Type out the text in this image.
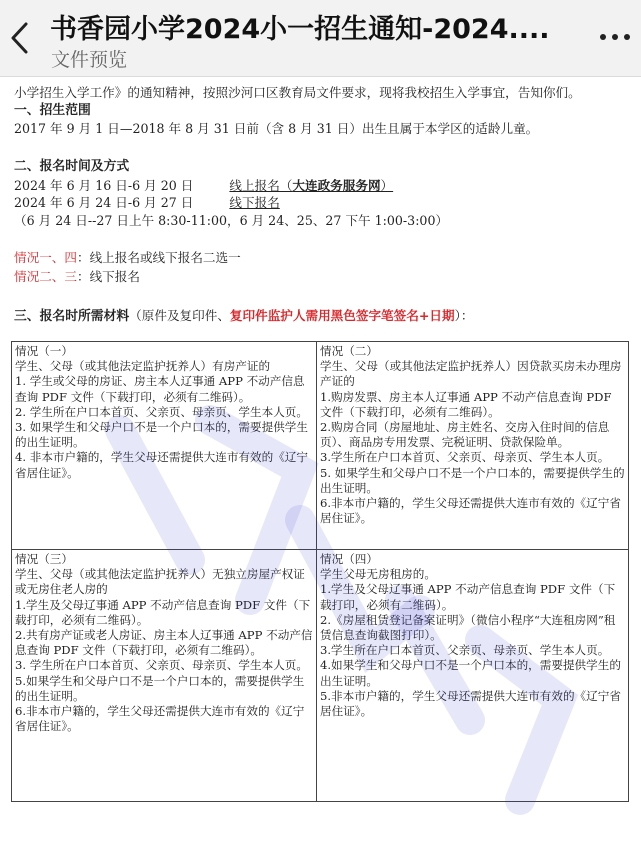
书香园小学2024小一招生通知-2024....
文件预览
小学招生入学工作》的通知精神，按照沙河口区教育局文件要求，现将我校招生入学事宜，告知你们。
一、招生范围
2017 年 9 月 1 日—2018 年 8 月 31 日前（含 8 月 31 日）出生且属于本学区的适龄儿童。
二、报名时间及方式
2024 年 6 月 16 日-6 月 20 日	线上报名（大连政务服务网）
2024 年 6 月 24 日-6 月 27 日	线下报名
（6 月 24 日--27 日上午 8:30-11:00，6 月 24、25、27 下午 1:00-3:00）
情况一、四：线上报名或线下报名二选一
情况二、三：线下报名
三、报名时所需材料（原件及复印件、复印件监护人需用黑色签字笔签名+日期）：
情况（一）
学生、父母（或其他法定监护抚养人）有房产证的
1. 学生或父母的房证、房主本人辽事通 APP 不动产信息查询 PDF 文件（下载打印，必须有二维码）。
2. 学生所在户口本首页、父亲页、母亲页、学生本人页。
3. 如果学生和父母户口不是一个户口本的，需要提供学生的出生证明。
4. 非本市户籍的，学生父母还需提供大连市有效的《辽宁省居住证》。
情况（二）
学生、父母（或其他法定监护抚养人）因贷款买房未办理房产证的
1.购房发票、房主本人辽事通 APP 不动产信息查询 PDF 文件（下载打印，必须有二维码）。
2.购房合同（房屋地址、房主姓名、交房入住时间的信息页）、商品房专用发票、完税证明、贷款保险单。
3.学生所在户口本首页、父亲页、母亲页、学生本人页。
5. 如果学生和父母户口不是一个户口本的，需要提供学生的出生证明。
6.非本市户籍的，学生父母还需提供大连市有效的《辽宁省居住证》。
情况（三）
学生、父母（或其他法定监护抚养人）无独立房屋产权证或无房住老人房的
1.学生及父母辽事通 APP 不动产信息查询 PDF 文件（下载打印，必须有二维码）。
2.共有房产证或老人房证、房主本人辽事通 APP 不动产信息查询 PDF 文件（下载打印，必须有二维码）。
3. 学生所在户口本首页、父亲页、母亲页、学生本人页。
5.如果学生和父母户口不是一个户口本的，需要提供学生的出生证明。
6.非本市户籍的，学生父母还需提供大连市有效的《辽宁省居住证》。
情况（四）
学生父母无房租房的。
1.学生及父母辽事通 APP 不动产信息查询 PDF 文件（下载打印，必须有二维码）。
2.《房屋租赁登记备案证明》（微信小程序“大连租房网”租赁信息查询截图打印）。
3.学生所在户口本首页、父亲页、母亲页、学生本人页。
4.如果学生和父母户口不是一个户口本的，需要提供学生的出生证明。
5.非本市户籍的，学生父母还需提供大连市有效的《辽宁省居住证》。
